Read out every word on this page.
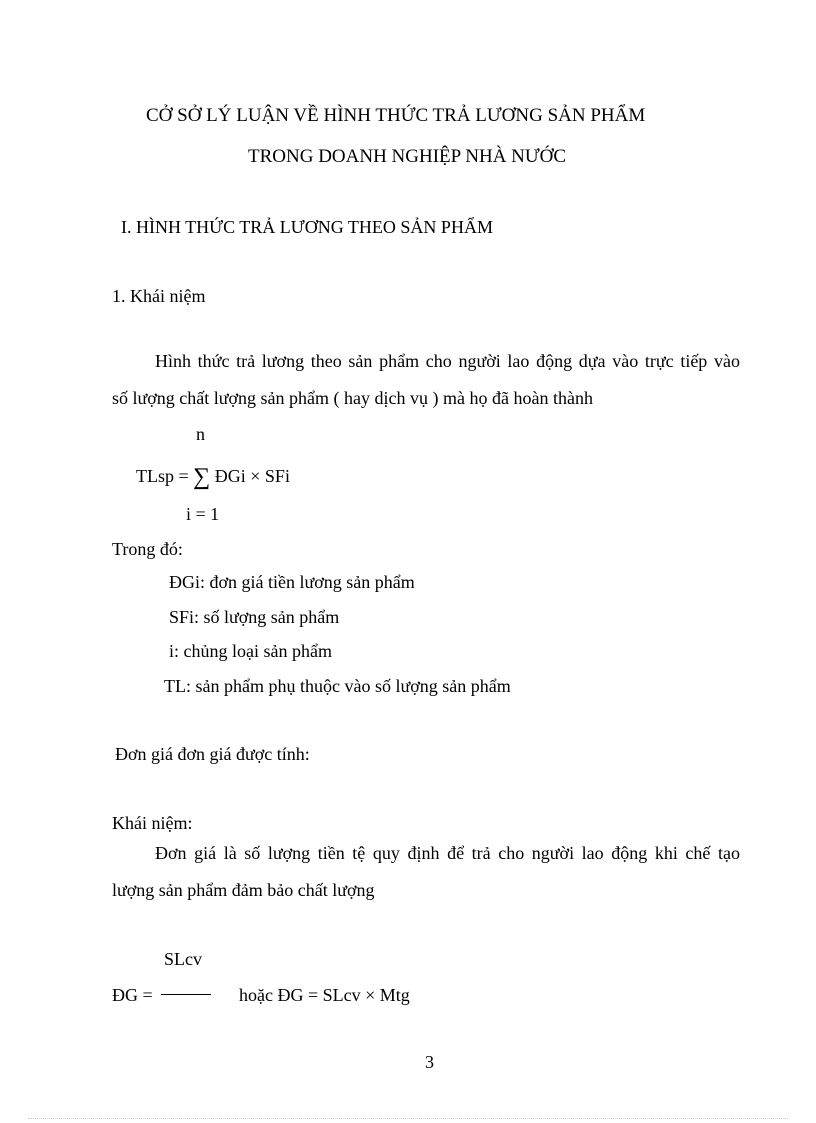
CỞ SỞ LÝ LUẬN VỀ HÌNH THỨC TRẢ LƯƠNG SẢN PHẨM
TRONG DOANH NGHIỆP NHÀ NƯỚC
I. HÌNH THỨC TRẢ LƯƠNG THEO SẢN PHẨM
1. Khái niệm
Hình thức trả lương theo sản phẩm cho người lao động dựa vào trực tiếp vào
số lượng chất lượng sản phẩm ( hay dịch vụ ) mà họ đã hoàn thành
n
TLsp = ∑ ĐGi × SFi
i = 1
Trong đó:
ĐGi: đơn giá tiền lương sản phẩm
SFi: số lượng sản phẩm
i: chủng loại sản phẩm
TL: sản phẩm phụ thuộc vào số lượng sản phẩm
Đơn giá đơn giá được tính:
Khái niệm:
Đơn giá là số lượng tiền tệ quy định để trả cho người lao động khi chế tạo
lượng sản phẩm đảm bảo chất lượng
SLcv
ĐG =	hoặc ĐG = SLcv × Mtg
3
